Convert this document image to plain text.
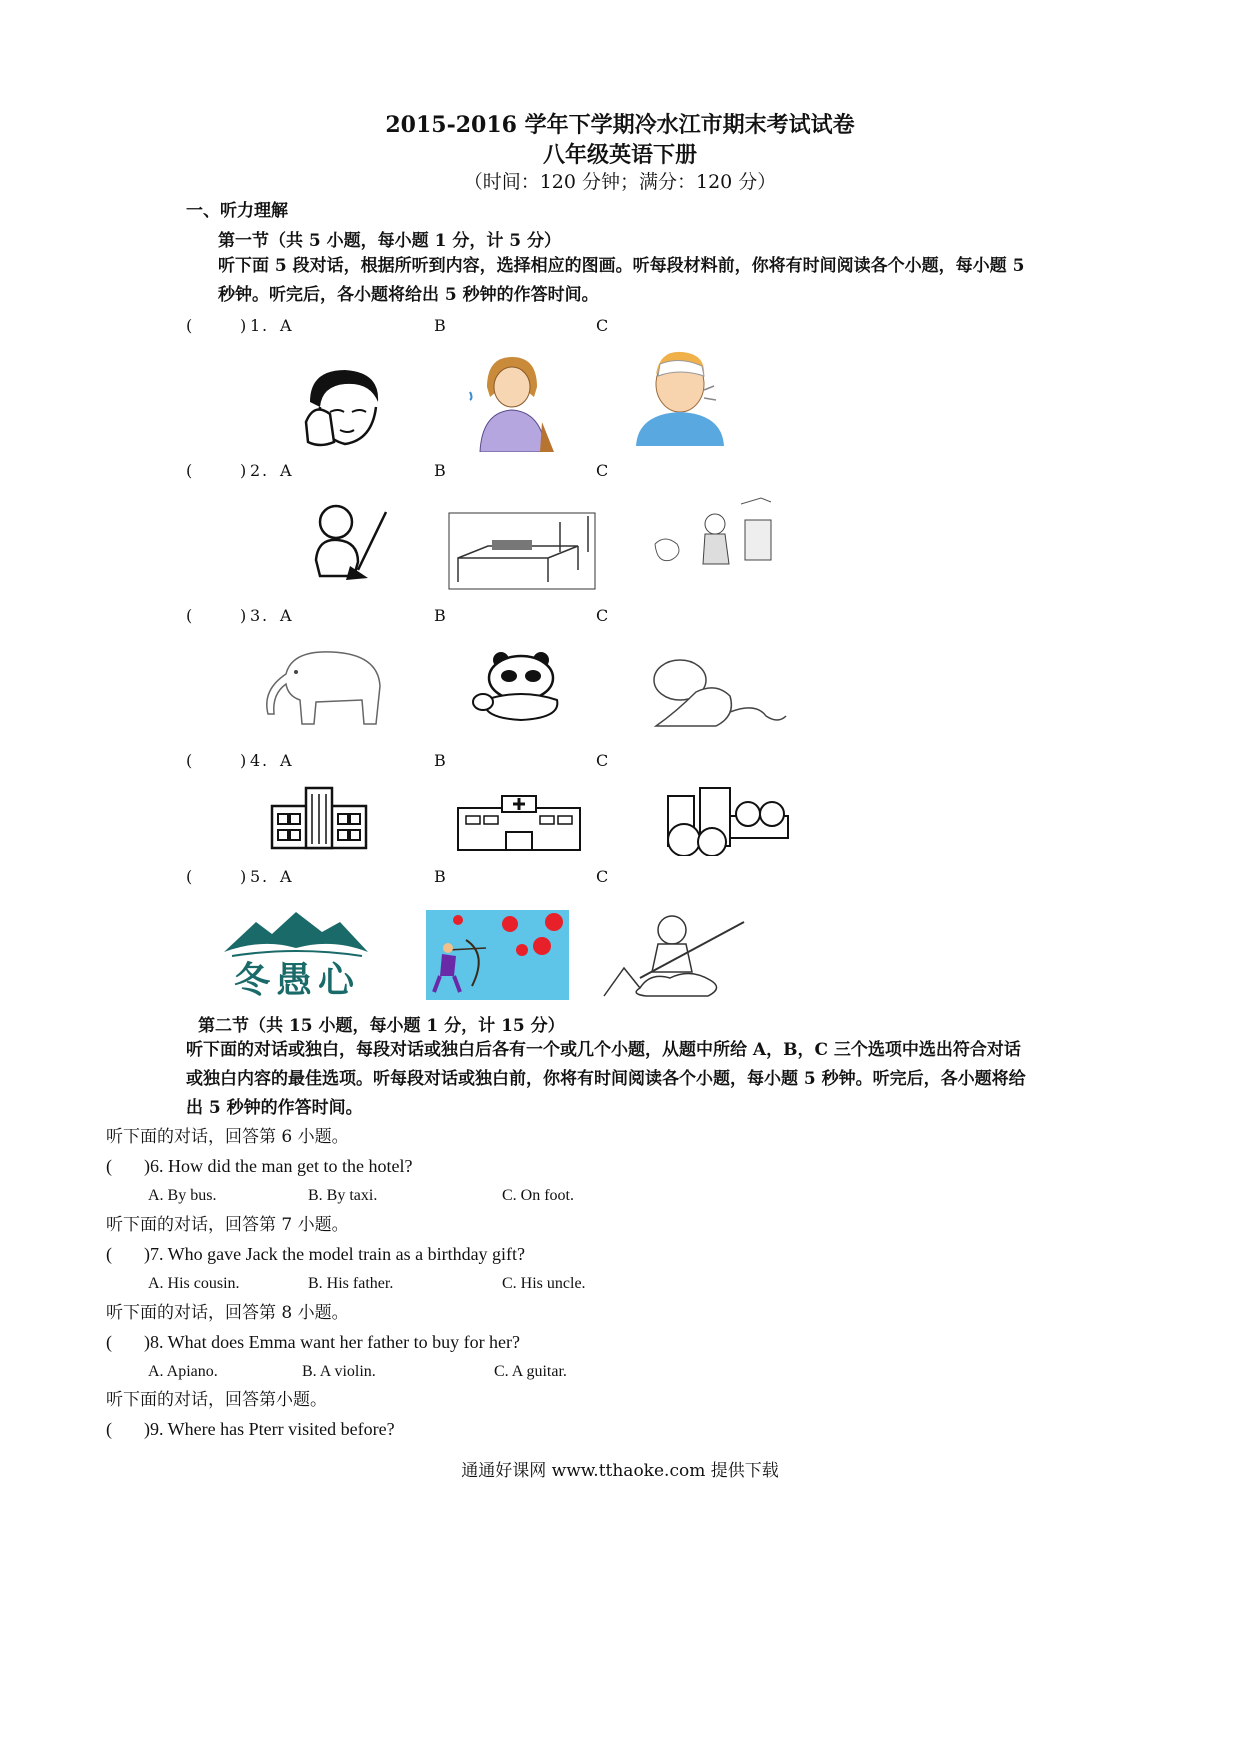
2015-2016 学年下学期冷水江市期末考试试卷
八年级英语下册
（时间：120 分钟；满分：120 分）
一、听力理解
第一节（共 5 小题，每小题 1 分，计 5 分）
听下面 5 段对话，根据所听到内容，选择相应的图画。听每段材料前，你将有时间阅读各个小题，每小题 5
秒钟。听完后，各小题将给出 5 秒钟的作答时间。
(	) 1 . A	B	C
(	) 2 . A	B	C
(	) 3 . A	B	C
(	) 4 . A	B	C
(	) 5 . A	B	C
冬愚心
第二节（共 15 小题，每小题 1 分，计 15 分）
听下面的对话或独白，每段对话或独白后各有一个或几个小题，从题中所给 A，B，C 三个选项中选出符合对话
或独白内容的最佳选项。听每段对话或独白前，你将有时间阅读各个小题，每小题 5 秒钟。听完后，各小题将给
出 5 秒钟的作答时间。
听下面的对话，回答第 6 小题。
( )6. How did the man get to the hotel?
A. By bus.	B. By taxi.	C. On foot.
听下面的对话，回答第 7 小题。
( )7. Who gave Jack the model train as a birthday gift?
A. His cousin.	B. His father.	C. His uncle.
听下面的对话，回答第 8 小题。
( )8. What does Emma want her father to buy for her?
A. Apiano.	B. A violin.	C. A guitar.
听下面的对话，回答第小题。
( )9. Where has Pterr visited before?
通通好课网 www.tthaoke.com 提供下载
